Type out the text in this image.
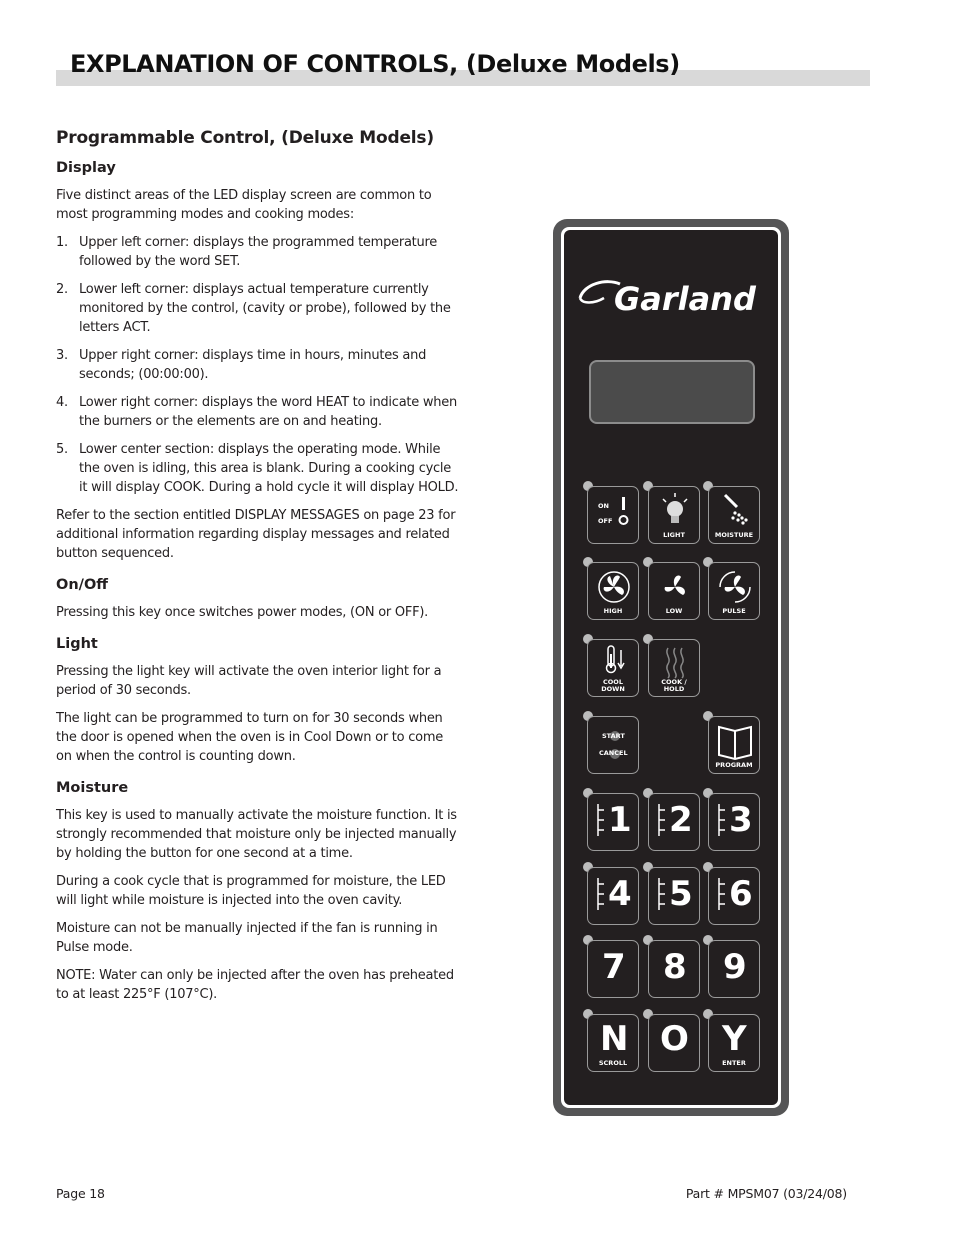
EXPLANATION OF CONTROLS, (Deluxe Models)
Programmable Control, (Deluxe Models)
Display

Five distinct areas of the LED display screen are common to most programming modes and cooking modes:

1. Upper left corner: displays the programmed temperature followed by the word SET.
2. Lower left corner: displays actual temperature currently monitored by the control, (cavity or probe), followed by the letters ACT.
3. Upper right corner: displays time in hours, minutes and seconds; (00:00:00).
4. Lower right corner: displays the word HEAT to indicate when the burners or the elements are on and heating.
5. Lower center section: displays the operating mode. While the oven is idling, this area is blank. During a cooking cycle it will display COOK. During a hold cycle it will display HOLD.

Refer to the section entitled DISPLAY MESSAGES on page 23 for additional information regarding display messages and related button sequenced.

On/Off

Pressing this key once switches power modes, (ON or OFF).

Light

Pressing the light key will activate the oven interior light for a period of 30 seconds.

The light can be programmed to turn on for 30 seconds when the door is opened when the oven is in Cool Down or to come on when the control is counting down.

Moisture

This key is used to manually activate the moisture function. It is strongly recommended that moisture only be injected manually by holding the button for one second at a time.

During a cook cycle that is programmed for moisture, the LED will light while moisture is injected into the oven cavity.

Moisture can not be manually injected if the fan is running in Pulse mode.

NOTE: Water can only be injected after the oven has preheated to at least 225°F (107°C).

Garland
ON
OFF
LIGHT	MOISTURE
HIGH	LOW	PULSE
COOL
DOWN
COOK /
HOLD
START
CANCEL
PROGRAM
1 2 3
4 5 6
7 8 9
N
SCROLL
O Y
ENTER
Page 18	Part # MPSM07 (03/24/08)
